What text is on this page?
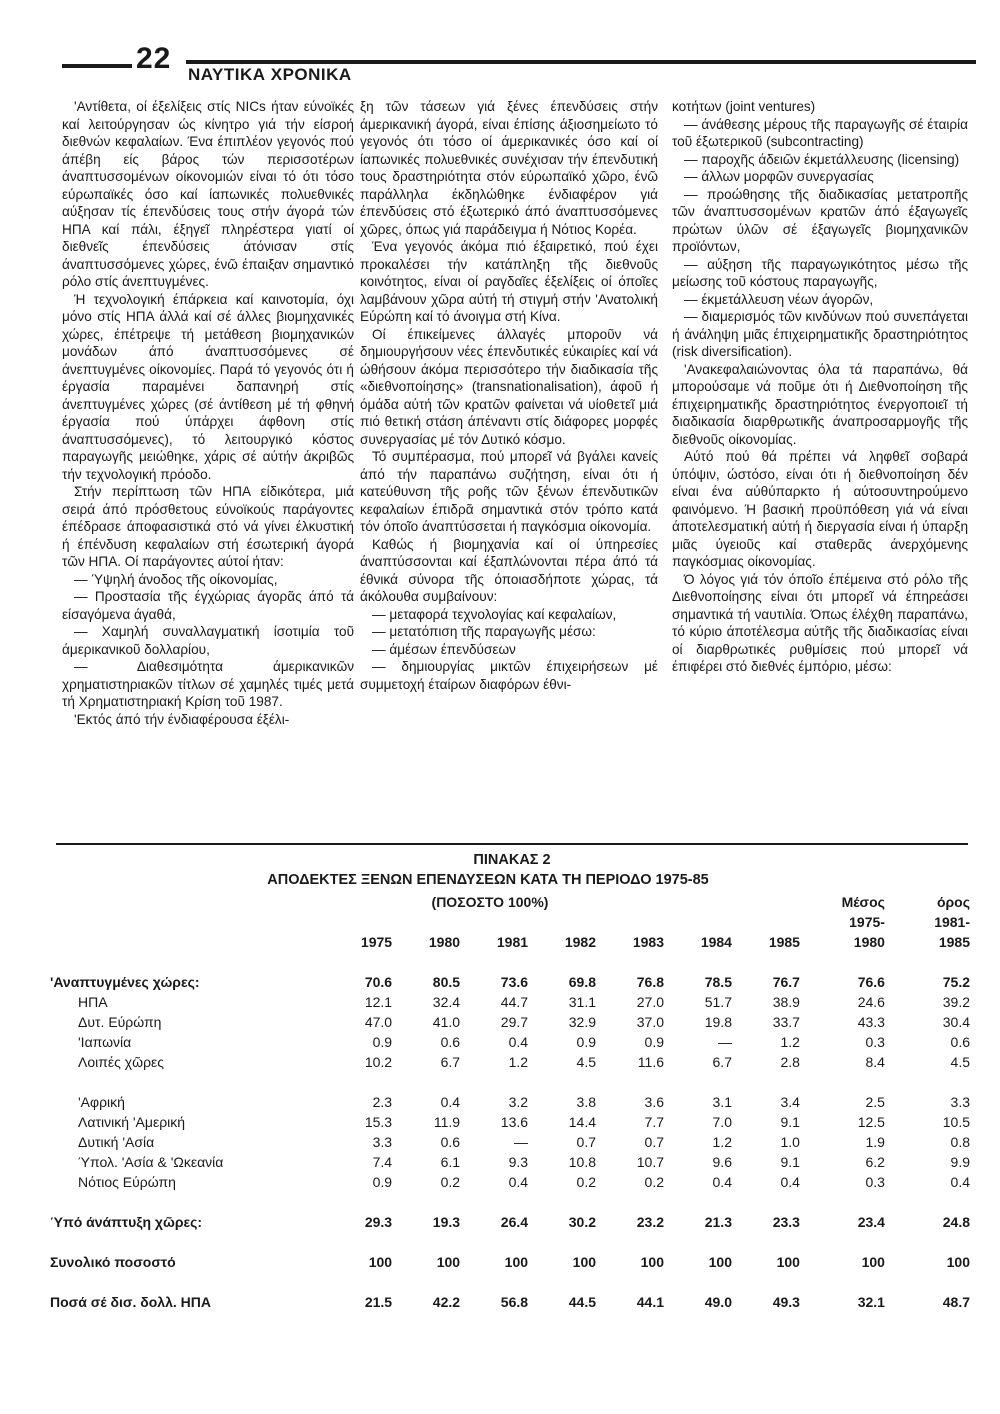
22 ΝΑΥΤΙΚΑ ΧΡΟΝΙΚΑ

'Αντίθετα, οί έξελίξεις στίς NICs ήταν εύνοϊκές καί λειτούργησαν ώς κίνητρο γιά τήν είσροή διεθνών κεφαλαίων. Ένα έπιπλέον γεγονός πού άπέβη είς βάρος τών περισσοτέρων άναπτυσσομένων οίκονομιών είναι τό ότι τόσο εύρωπαϊκές όσο καί ίαπωνικές πολυεθνικές αύξησαν τίς έπενδύσεις τους στήν άγορά τών ΗΠΑ καί πάλι, έξηγεῖ πληρέστερα γιατί οί διεθνεῖς έπενδύσεις άτόνισαν στίς άναπτυσσόμενες χώρες, ένῶ έπαιξαν σημαντικό ρόλο στίς άνεπτυγμένες.

Ή τεχνολογική έπάρκεια καί καινοτομία, όχι μόνο στίς ΗΠΑ άλλά καί σέ άλλες βιομηχανικές χώρες, έπέτρεψε τή μετάθεση βιομηχανικών μονάδων άπό άναπτυσσόμενες σέ άνεπτυγμένες οίκονομίες. Παρά τό γεγονός ότι ή έργασία παραμένει δαπανηρή στίς άνεπτυγμένες χώρες (σέ άντίθεση μέ τή φθηνή έργασία πού ύπάρχει άφθονη στίς άναπτυσσόμενες), τό λειτουργικό κόστος παραγωγῆς μειώθηκε, χάρις σέ αύτήν άκριβῶς τήν τεχνολογική πρόοδο.

Στήν περίπτωση τῶν ΗΠΑ είδικότερα, μιά σειρά άπό πρόσθετους εύνοϊκούς παράγοντες έπέδρασε άποφασιστικά στό νά γίνει έλκυστική ή έπένδυση κεφαλαίων στή έσωτερική άγορά τῶν ΗΠΑ. Οί παράγοντες αύτοί ήταν:

— Ύψηλή άνοδος τῆς οίκονομίας,

— Προστασία τῆς έγχώριας άγορᾶς άπό τά είσαγόμενα άγαθά,

— Χαμηλή συναλλαγματική ίσοτιμία τοῦ άμερικανικοῦ δολλαρίου,

— Διαθεσιμότητα άμερικανικῶν χρηματιστηριακῶν τίτλων σέ χαμηλές τιμές μετά τή Χρηματιστηριακή Κρίση τοῦ 1987.

'Εκτός άπό τήν ένδιαφέρουσα έξέλι-

ξη τῶν τάσεων γιά ξένες έπενδύσεις στήν άμερικανική άγορά, είναι έπίσης άξιοσημείωτο τό γεγονός ότι τόσο οί άμερικανικές όσο καί οί ίαπωνικές πολυεθνικές συνέχισαν τήν έπενδυτική τους δραστηριότητα στόν εύρωπαϊκό χῶρο, ένῶ παράλληλα έκδηλώθηκε ένδιαφέρον γιά έπενδύσεις στό έξωτερικό άπό άναπτυσσόμενες χῶρες, όπως γιά παράδειγμα ή Νότιος Κορέα.

Ένα γεγονός άκόμα πιό έξαιρετικό, πού έχει προκαλέσει τήν κατάπληξη τῆς διεθνοῦς κοινότητος, είναι οί ραγδαῖες έξελίξεις οί όποῖες λαμβάνουν χῶρα αύτή τή στιγμή στήν 'Ανατολική Εύρώπη καί τό άνοιγμα στή Κίνα.

Οί έπικείμενες άλλαγές μποροῦν νά δημιουργήσουν νέες έπενδυτικές εύκαιρίες καί νά ώθήσουν άκόμα περισσότερο τήν διαδικασία τῆς «διεθνοποίησης» (transnationalisation), άφοῦ ή όμάδα αύτή τῶν κρατῶν φαίνεται νά υίοθετεῖ μιά πιό θετική στάση άπέναντι στίς διάφορες μορφές συνεργασίας μέ τόν Δυτικό κόσμο.

Τό συμπέρασμα, πού μπορεῖ νά βγάλει κανείς άπό τήν παραπάνω συζήτηση, είναι ότι ή κατεύθυνση τῆς ροῆς τῶν ξένων έπενδυτικῶν κεφαλαίων έπιδρᾶ σημαντικά στόν τρόπο κατά τόν όποῖο άναπτύσσεται ή παγκόσμια οίκονομία.

Καθώς ή βιομηχανία καί οί ύπηρεσίες άναπτύσσονται καί έξαπλώνονται πέρα άπό τά έθνικά σύνορα τῆς όποιασδήποτε χώρας, τά άκόλουθα συμβαίνουν:

— μεταφορά τεχνολογίας καί κεφαλαίων,

— μετατόπιση τῆς παραγωγῆς μέσω:

— άμέσων έπενδύσεων

— δημιουργίας μικτῶν έπιχειρήσεων μέ συμμετοχή έταίρων διαφόρων έθνι-

κοτήτων (joint ventures)

— άνάθεσης μέρους τῆς παραγωγῆς σέ έταιρία τοῦ έξωτερικοῦ (subcontracting)

— παροχῆς άδειῶν έκμετάλλευσης (licensing)

— άλλων μορφῶν συνεργασίας

— προώθησης τῆς διαδικασίας μετατροπῆς τῶν άναπτυσσομένων κρατῶν άπό έξαγωγεῖς πρώτων ύλῶν σέ έξαγωγεῖς βιομηχανικῶν προϊόντων,

— αύξηση τῆς παραγωγικότητος μέσω τῆς μείωσης τοῦ κόστους παραγωγῆς,

— έκμετάλλευση νέων άγορῶν,

— διαμερισμός τῶν κινδύνων πού συνεπάγεται ή άνάληψη μιᾶς έπιχειρηματικῆς δραστηριότητος (risk diversification).

'Ανακεφαλαιώνοντας όλα τά παραπάνω, θά μπορούσαμε νά ποῦμε ότι ή Διεθνοποίηση τῆς έπιχειρηματικῆς δραστηριότητος ένεργοποιεῖ τή διαδικασία διαρθρωτικῆς άναπροσαρμογῆς τῆς διεθνοῦς οίκονομίας.

Αύτό πού θά πρέπει νά ληφθεῖ σοβαρά ύπόψιν, ώστόσο, είναι ότι ή διεθνοποίηση δέν είναι ένα αύθύπαρκτο ή αύτοσυντηρούμενο φαινόμενο. Ή βασική προϋπόθεση γιά νά είναι άποτελεσματική αύτή ή διεργασία είναι ή ύπαρξη μιᾶς ύγειοῦς καί σταθερᾶς άνερχόμενης παγκόσμιας οίκονομίας.

Ό λόγος γιά τόν όποῖο έπέμεινα στό ρόλο τῆς Διεθνοποίησης είναι ότι μπορεῖ νά έπηρεάσει σημαντικά τή ναυτιλία. Όπως έλέχθη παραπάνω, τό κύριο άποτέλεσμα αύτῆς τῆς διαδικασίας είναι οί διαρθρωτικές ρυθμίσεις πού μπορεῖ νά έπιφέρει στό διεθνές έμπόριο, μέσω:

ΠΙΝΑΚΑΣ 2
ΑΠΟΔΕΚΤΕΣ ΞΕΝΩΝ ΕΠΕΝΔΥΣΕΩΝ ΚΑΤΑ ΤΗ ΠΕΡΙΟΔΟ 1975-85
(ΠΟΣΟΣΤΟ 100%)								Μέσος	όρος
								1975-	1981-
	1975	1980	1981	1982	1983	1984	1985	1980	1985

'Αναπτυγμένες χώρες:	70.6	80.5	73.6	69.8	76.8	78.5	76.7	76.6	75.2
ΗΠΑ	12.1	32.4	44.7	31.1	27.0	51.7	38.9	24.6	39.2
Δυτ. Εύρώπη	47.0	41.0	29.7	32.9	37.0	19.8	33.7	43.3	30.4
'Ιαπωνία	0.9	0.6	0.4	0.9	0.9	—	1.2	0.3	0.6
Λοιπές χῶρες	10.2	6.7	1.2	4.5	11.6	6.7	2.8	8.4	4.5

'Αφρική	2.3	0.4	3.2	3.8	3.6	3.1	3.4	2.5	3.3
Λατινική 'Αμερική	15.3	11.9	13.6	14.4	7.7	7.0	9.1	12.5	10.5
Δυτική 'Ασία	3.3	0.6	—	0.7	0.7	1.2	1.0	1.9	0.8
Ύπολ. 'Ασία & 'Ωκεανία	7.4	6.1	9.3	10.8	10.7	9.6	9.1	6.2	9.9
Νότιος Εύρώπη	0.9	0.2	0.4	0.2	0.2	0.4	0.4	0.3	0.4

Ύπό άνάπτυξη χῶρες:	29.3	19.3	26.4	30.2	23.2	21.3	23.3	23.4	24.8

Συνολικό ποσοστό	100	100	100	100	100	100	100	100	100

Ποσά σέ δισ. δολλ. ΗΠΑ	21.5	42.2	56.8	44.5	44.1	49.0	49.3	32.1	48.7
